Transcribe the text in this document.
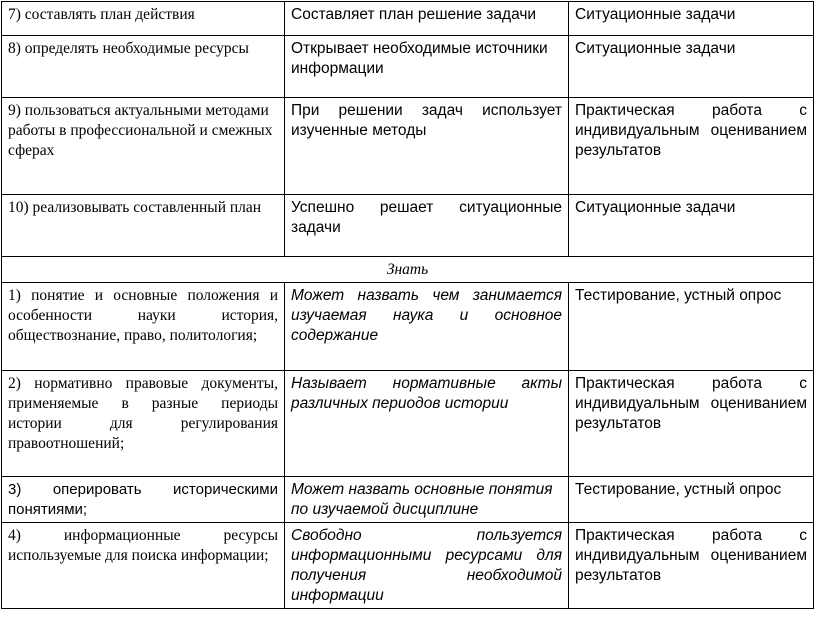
7) составлять план действия	Составляет план решение задачи	Ситуационные задачи
8) определять необходимые ресурсы	Открывает необходимые источники информации	Ситуационные задачи
9) пользоваться актуальными методами работы в профессиональной и смежных сферах	При решении задач использует изученные методы	Практическая работа с индивидуальным оцениванием результатов
10) реализовывать составленный план	Успешно решает ситуационные задачи	Ситуационные задачи
Знать		
1) понятие и основные положения и особенности науки история, обществознание, право, политология;	Может назвать чем занимается изучаемая наука и основное содержание	Тестирование, устный опрос
2) нормативно правовые документы, применяемые в разные периоды истории для регулирования правоотношений;	Называет нормативные акты различных периодов истории	Практическая работа с индивидуальным оцениванием результатов
3) оперировать историческими понятиями;	Может назвать основные понятия по изучаемой дисциплине	Тестирование, устный опрос
4) информационные ресурсы используемые для поиска информации;	Свободно пользуется информационными ресурсами для получения необходимой информации	Практическая работа с индивидуальным оцениванием результатов
